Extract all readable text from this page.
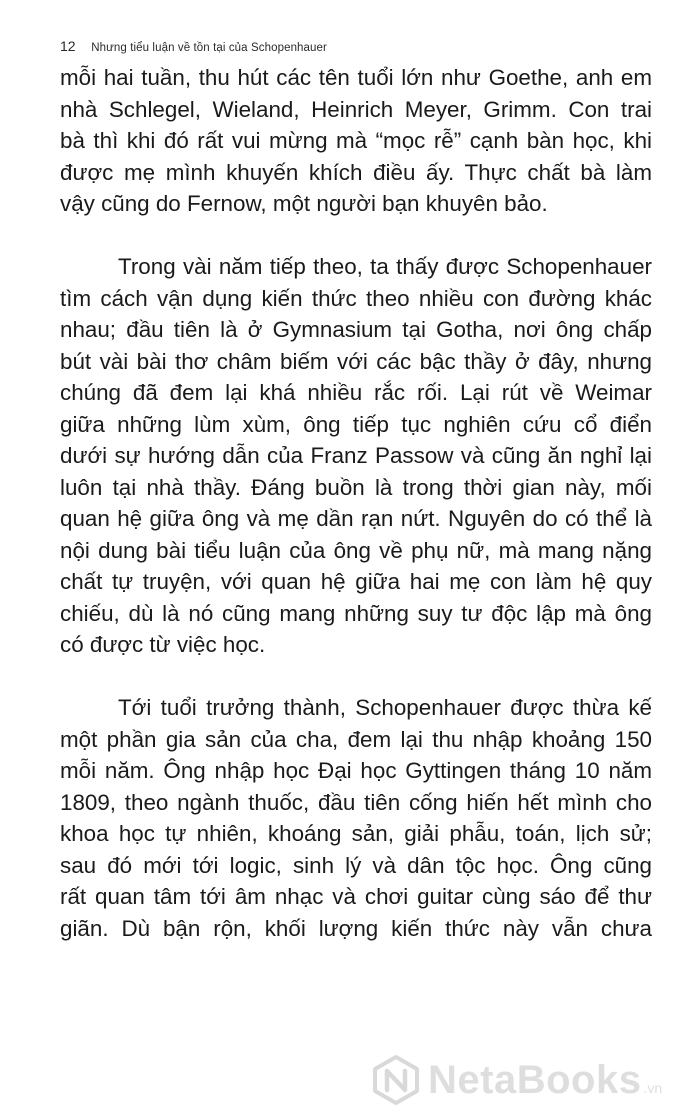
12 Nhưng tiểu luận về tồn tại của Schopenhauer
mỗi hai tuần, thu hút các tên tuổi lớn như Goethe, anh em
nhà Schlegel, Wieland, Heinrich Meyer, Grimm. Con trai
bà thì khi đó rất vui mừng mà “mọc rễ” cạnh bàn học, khi
được mẹ mình khuyến khích điều ấy. Thực chất bà làm
vậy cũng do Fernow, một người bạn khuyên bảo.
Trong vài năm tiếp theo, ta thấy được Schopenhauer
tìm cách vận dụng kiến thức theo nhiều con đường khác
nhau; đầu tiên là ở Gymnasium tại Gotha, nơi ông chấp
bút vài bài thơ châm biếm với các bậc thầy ở đây, nhưng
chúng đã đem lại khá nhiều rắc rối. Lại rút về Weimar
giữa những lùm xùm, ông tiếp tục nghiên cứu cổ điển
dưới sự hướng dẫn của Franz Passow và cũng ăn nghỉ lại
luôn tại nhà thầy. Đáng buồn là trong thời gian này, mối
quan hệ giữa ông và mẹ dần rạn nứt. Nguyên do có thể là
nội dung bài tiểu luận của ông về phụ nữ, mà mang nặng
chất tự truyện, với quan hệ giữa hai mẹ con làm hệ quy
chiếu, dù là nó cũng mang những suy tư độc lập mà ông
có được từ việc học.
Tới tuổi trưởng thành, Schopenhauer được thừa kế
một phần gia sản của cha, đem lại thu nhập khoảng 150
mỗi năm. Ông nhập học Đại học Gyttingen tháng 10 năm
1809, theo ngành thuốc, đầu tiên cống hiến hết mình cho
khoa học tự nhiên, khoáng sản, giải phẫu, toán, lịch sử;
sau đó mới tới logic, sinh lý và dân tộc học. Ông cũng
rất quan tâm tới âm nhạc và chơi guitar cùng sáo để thư
giãn. Dù bận rộn, khối lượng kiến thức này vẫn chưa
NetaBooks .vn
